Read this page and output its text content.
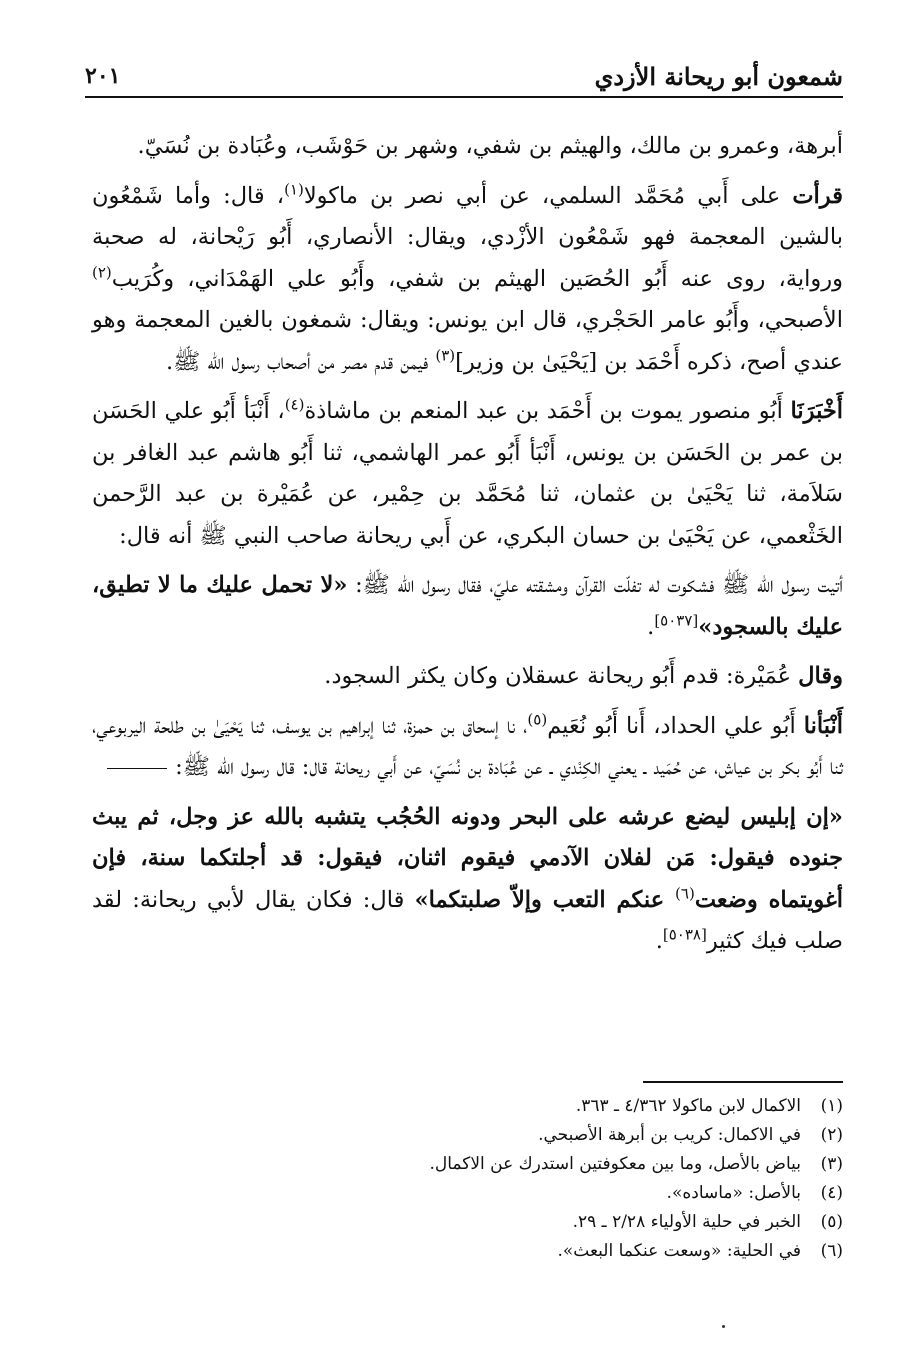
شمعون أبو ريحانة الأزدي
٢٠١

أبرهة، وعمرو بن مالك، والهيثم بن شفي، وشهر بن حَوْشَب، وعُبَادة بن نُسَيّ.

قرأت على أَبي مُحَمَّد السلمي، عن أبي نصر بن ماكولا$^{(١)}$، قال: وأما شَمْعُون بالشين المعجمة فهو شَمْعُون الأزْدي، ويقال: الأنصاري، أَبُو رَيْحانة، له صحبة ورواية، روى عنه أَبُو الحُصَين الهيثم بن شفي، وأَبُو علي الهَمْدَاني، وكُرَيب$^{(٢)}$ الأصبحي، وأَبُو عامر الحَجْري، قال ابن يونس: ويقال: شمغون بالغين المعجمة وهو عندي أصح، ذكره أَحْمَد بن [يَحْيَىٰ بن وزير]$^{(٣)}$ فيمن قدم مصر من أصحاب رسول الله ﷺ.

أَخْبَرَنَا أَبُو منصور يموت بن أَحْمَد بن عبد المنعم بن ماشاذة$^{(٤)}$، أَنْبَأ أَبُو علي الحَسَن بن عمر بن الحَسَن بن يونس، أَنْبَأ أَبُو عمر الهاشمي، ثنا أَبُو هاشم عبد الغافر بن سَلاَمة، ثنا يَحْيَىٰ بن عثمان، ثنا مُحَمَّد بن حِمْير، عن عُمَيْرة بن عبد الرَّحمن الخَثْعمي، عن يَحْيَىٰ بن حسان البكري، عن أَبي ريحانة صاحب النبي ﷺ أنه قال:

أتيت رسول الله ﷺ فشكوت له تفلّت القرآن ومشقته عليّ، فقال رسول الله ﷺ: «لا تحمل عليك ما لا تطيق، عليك بالسجود»[٥٠٣٧].

وقال عُمَيْرة: قدم أَبُو ريحانة عسقلان وكان يكثر السجود.

أَنْبَأنا أَبُو علي الحداد، أَنا أَبُو نُعَيم$^{(٥)}$، نا إسحاق بن حمزة، ثنا إبراهيم بن يوسف، ثنا يَحْيَىٰ بن طلحة اليربوعي، ثنا أَبُو بكر بن عياش، عن حُمَيد ـ يعني الكِنْدي ـ عن عُبَادة بن نُسَيّ، عن أَبي ريحانة قال: قال رسول الله ﷺ:

«إن إبليس ليضع عرشه على البحر ودونه الحُجُب يتشبه بالله عز وجل، ثم يبث جنوده فيقول: مَن لفلان الآدمي فيقوم اثنان، فيقول: قد أجلتكما سنة، فإن أغويتماه وضعت$^{(٦)}$ عنكم التعب وإلاّ صلبتكما» قال: فكان يقال لأبي ريحانة: لقد صلب فيك كثير[٥٠٣٨].

(١)
الاكمال لابن ماكولا ٤/٣٦٢ ـ ٣٦٣.
(٢)
في الاكمال: كريب بن أبرهة الأصبحي.
(٣)
بياض بالأصل، وما بين معكوفتين استدرك عن الاكمال.
(٤)
بالأصل: «ماساده».
(٥)
الخبر في حلية الأولياء ٢/٢٨ ـ ٢٩.
(٦)
في الحلية: «وسعت عنكما البعث».
